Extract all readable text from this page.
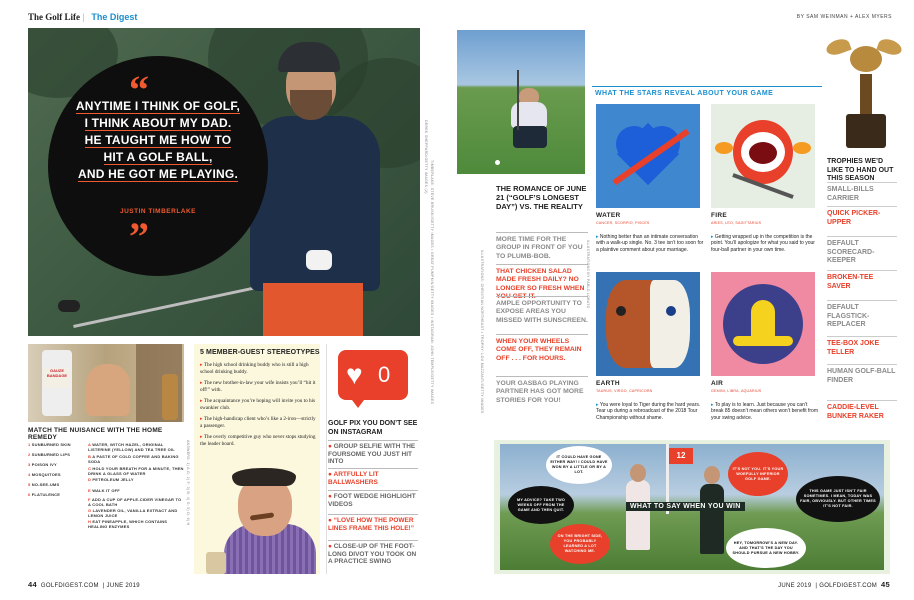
The Golf Life | The Digest	BY SAM WEINMAN + ALEX MYERS
“
ANYTIME I THINK OF GOLF,
I THINK ABOUT MY DAD.
HE TAUGHT ME HOW TO
HIT A GOLF BALL,
AND HE GOT ME PLAYING.
JUSTIN TIMBERLAKE
”
DEREK SHEPPARD/GETTY IMAGES (2)
TIMBERLAKE: STEVE BRUSKI/GETTY IMAGES • GREAT PUMPKIN/GETTY IMAGES • INSTAGRAM: JOHN TEMPLE/GETTY IMAGES	ILLUSTRATIONS: CHRISTIAN NORTHEAST • TROPHY: LOU MAZZANTI/GETTY IMAGES
GAUZE BANDAGE
MATCH THE NUISANCE WITH THE HOME REMEDY
1 SUNBURNED SKIN
2 SUNBURNED LIPS
3 POISON IVY
4 MOSQUITOES
5 NO-SEE-UMS
6 FLATULENCE
A WATER, WITCH HAZEL, ORIGINAL LISTERINE (YELLOW) AND TEA TREE OIL
B A PASTE OF COLD COFFEE AND BAKING SODA
C HOLD YOUR BREATH FOR A MINUTE, THEN DRINK A GLASS OF WATER
D PETROLEUM JELLY
E WALK IT OFF
F ADD A CUP OF APPLE-CIDER VINEGAR TO A COOL BATH
G LAVENDER OIL, VANILLA EXTRACT AND LEMON JUICE
H EAT PINEAPPLE, WHICH CONTAINS HEALING ENZYMES
ANSWERS: 1) A,G; 2) F; 3) B; 4) G; 5) D; 6) H
5 MEMBER-GUEST STEREOTYPES
▸ The high school drinking buddy who is still a high school drinking buddy.
▸ The new brother-in-law your wife insists you’ll “hit it off!” with.
▸ The acquaintance you’re hoping will invite you to his swankier club.
▸ The high-handicap client who’s like a 2-iron—strictly a passenger.
▸ The overly competitive guy who never stops studying the leader board.
♥ 0
GOLF PIX YOU DON’T SEE ON INSTAGRAM
● GROUP SELFIE WITH THE FOURSOME YOU JUST HIT INTO
● ARTFULLY LIT BALLWASHERS
● FOOT WEDGE HIGHLIGHT VIDEOS
● “LOVE HOW THE POWER LINES FRAME THIS HOLE!”
● CLOSE-UP OF THE FOOT-LONG DIVOT YOU TOOK ON A PRACTICE SWING
44 GOLFDIGEST.COM  | JUNE 2019	JUNE 2019  | GOLFDIGEST.COM 45
THE ROMANCE OF JUNE 21 (“GOLF’S LONGEST DAY”) VS. THE REALITY
MORE TIME FOR THE GROUP IN FRONT OF YOU TO PLUMB-BOB.
THAT CHICKEN SALAD MADE FRESH DAILY? NO LONGER SO FRESH WHEN YOU GET IT.
AMPLE OPPORTUNITY TO EXPOSE AREAS YOU MISSED WITH SUNSCREEN.
WHEN YOUR WHEELS COME OFF, THEY REMAIN OFF . . . FOR HOURS.
YOUR GASBAG PLAYING PARTNER HAS GOT MORE STORIES FOR YOU!
WHAT THE STARS REVEAL ABOUT YOUR GAME
ILLUSTRATIONS BY PABLO LOBATO
WATER
CANCER, SCORPIO, PISCES
▸ Nothing better than an intimate conversation with a walk-up single. No. 3 tee isn’t too soon for a plaintive comment about your marriage.
FIRE
ARIES, LEO, SAGITTARIUS
▸ Getting wrapped up in the competition is the point. You’ll apologize for what you said to your four-ball partner in your own time.
EARTH
TAURUS, VIRGO, CAPRICORN
▸ You were loyal to Tiger during the hard years. Tear up during a rebroadcast of the 2018 Tour Championship without shame.
AIR
GEMINI, LIBRA, AQUARIUS
▸ To play is to learn. Just because you can’t break 85 doesn’t mean others won’t benefit from your swing advice.
TROPHIES WE’D LIKE TO HAND OUT THIS SEASON
SMALL-BILLS CARRIER
QUICK PICKER-UPPER
DEFAULT SCORECARD-KEEPER
BROKEN-TEE SAVER
DEFAULT FLAGSTICK-REPLACER
TEE-BOX JOKE TELLER
HUMAN GOLF-BALL FINDER
CADDIE-LEVEL BUNKER RAKER
12
IT COULD HAVE GONE EITHER WAY! I COULD HAVE WON BY A LITTLE OR BY A LOT.
MY ADVICE? TAKE TWO WEEKS OFF FROM THE GAME AND THEN QUIT.
ON THE BRIGHT SIDE, YOU PROBABLY LEARNED A LOT WATCHING ME.
IT’S NOT YOU. IT’S YOUR WOEFULLY INFERIOR GOLF GAME.
THIS GAME JUST ISN’T FAIR SOMETIMES. I MEAN, TODAY WAS FAIR, OBVIOUSLY. BUT OTHER TIMES IT’S NOT FAIR.
HEY, TOMORROW’S A NEW DAY. AND THAT’S THE DAY YOU SHOULD PURSUE A NEW HOBBY.
WHAT TO SAY WHEN YOU WIN
